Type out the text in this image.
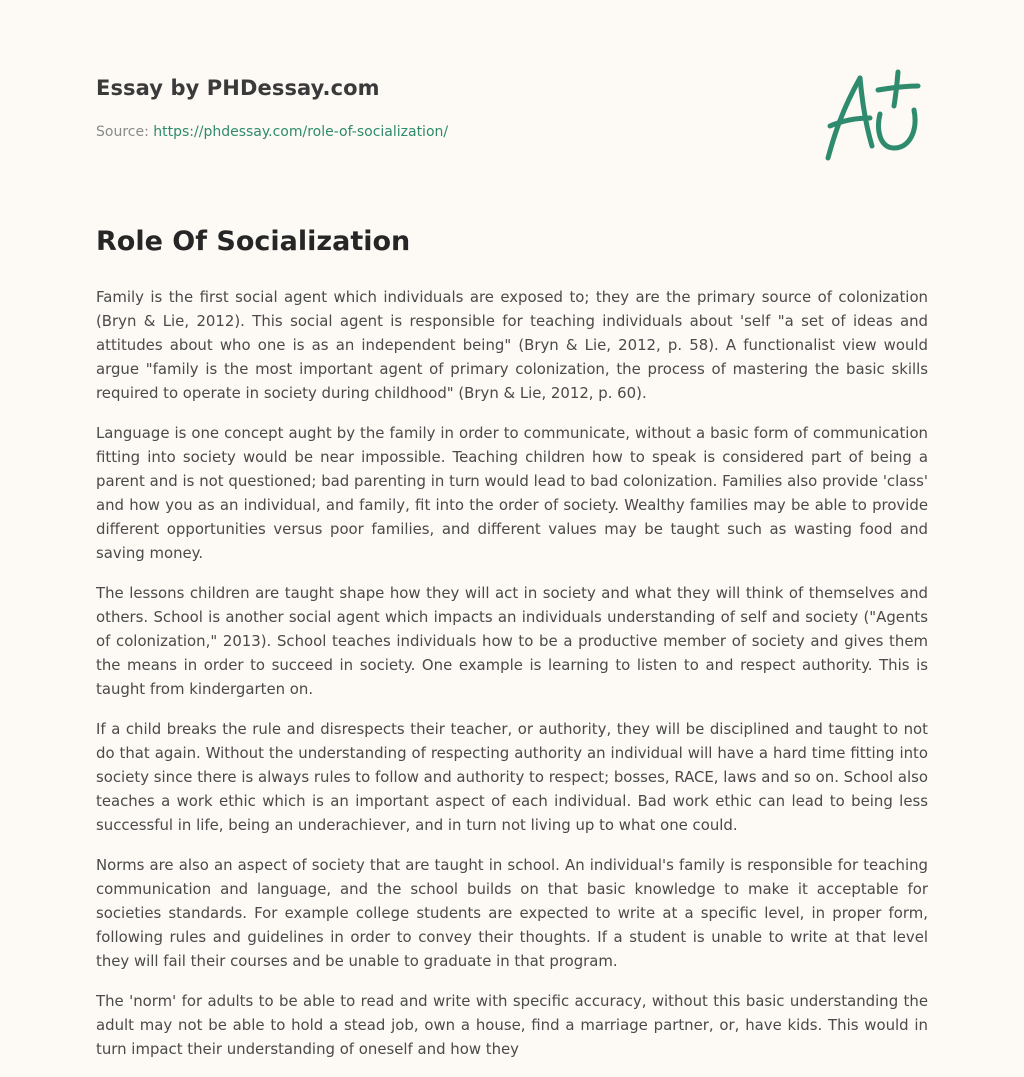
Essay by PHDessay.com
Source: https://phdessay.com/role-of-socialization/
Role Of Socialization

Family is the first social agent which individuals are exposed to; they are the primary source of colonization (Bryn & Lie, 2012). This social agent is responsible for teaching individuals about 'self "a set of ideas and attitudes about who one is as an independent being" (Bryn & Lie, 2012, p. 58). A functionalist view would argue "family is the most important agent of primary colonization, the process of mastering the basic skills required to operate in society during childhood" (Bryn & Lie, 2012, p. 60).

Language is one concept aught by the family in order to communicate, without a basic form of communication fitting into society would be near impossible. Teaching children how to speak is considered part of being a parent and is not questioned; bad parenting in turn would lead to bad colonization. Families also provide 'class' and how you as an individual, and family, fit into the order of society. Wealthy families may be able to provide different opportunities versus poor families, and different values may be taught such as wasting food and saving money.

The lessons children are taught shape how they will act in society and what they will think of themselves and others. School is another social agent which impacts an individuals understanding of self and society ("Agents of colonization," 2013). School teaches individuals how to be a productive member of society and gives them the means in order to succeed in society. One example is learning to listen to and respect authority. This is taught from kindergarten on.

If a child breaks the rule and disrespects their teacher, or authority, they will be disciplined and taught to not do that again. Without the understanding of respecting authority an individual will have a hard time fitting into society since there is always rules to follow and authority to respect; bosses, RACE, laws and so on. School also teaches a work ethic which is an important aspect of each individual. Bad work ethic can lead to being less successful in life, being an underachiever, and in turn not living up to what one could.

Norms are also an aspect of society that are taught in school. An individual's family is responsible for teaching communication and language, and the school builds on that basic knowledge to make it acceptable for societies standards. For example college students are expected to write at a specific level, in proper form, following rules and guidelines in order to convey their thoughts. If a student is unable to write at that level they will fail their courses and be unable to graduate in that program.

The 'norm' for adults to be able to read and write with specific accuracy, without this basic understanding the adult may not be able to hold a stead job, own a house, find a marriage partner, or, have kids. This would in turn impact their understanding of oneself and how they
